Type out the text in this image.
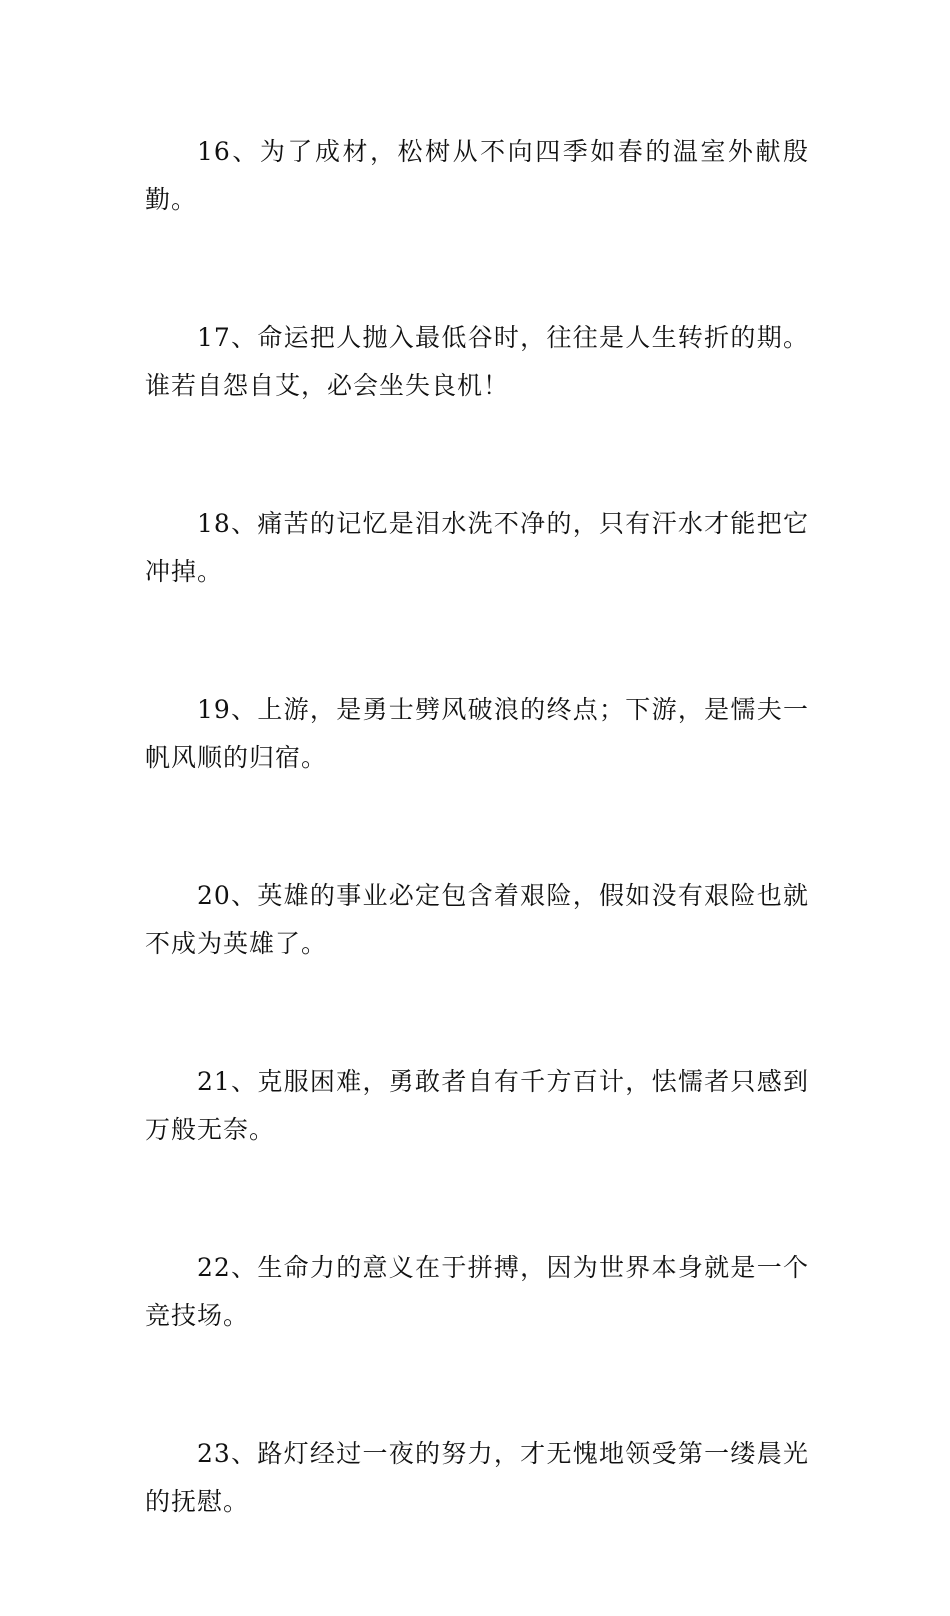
16、为了成材，松树从不向四季如春的温室外献殷勤。

17、命运把人抛入最低谷时，往往是人生转折的期。谁若自怨自艾，必会坐失良机！

18、痛苦的记忆是泪水洗不净的，只有汗水才能把它冲掉。

19、上游，是勇士劈风破浪的终点；下游，是懦夫一帆风顺的归宿。

20、英雄的事业必定包含着艰险，假如没有艰险也就不成为英雄了。

21、克服困难，勇敢者自有千方百计，怯懦者只感到万般无奈。

22、生命力的意义在于拼搏，因为世界本身就是一个竞技场。

23、路灯经过一夜的努力，才无愧地领受第一缕晨光的抚慰。
